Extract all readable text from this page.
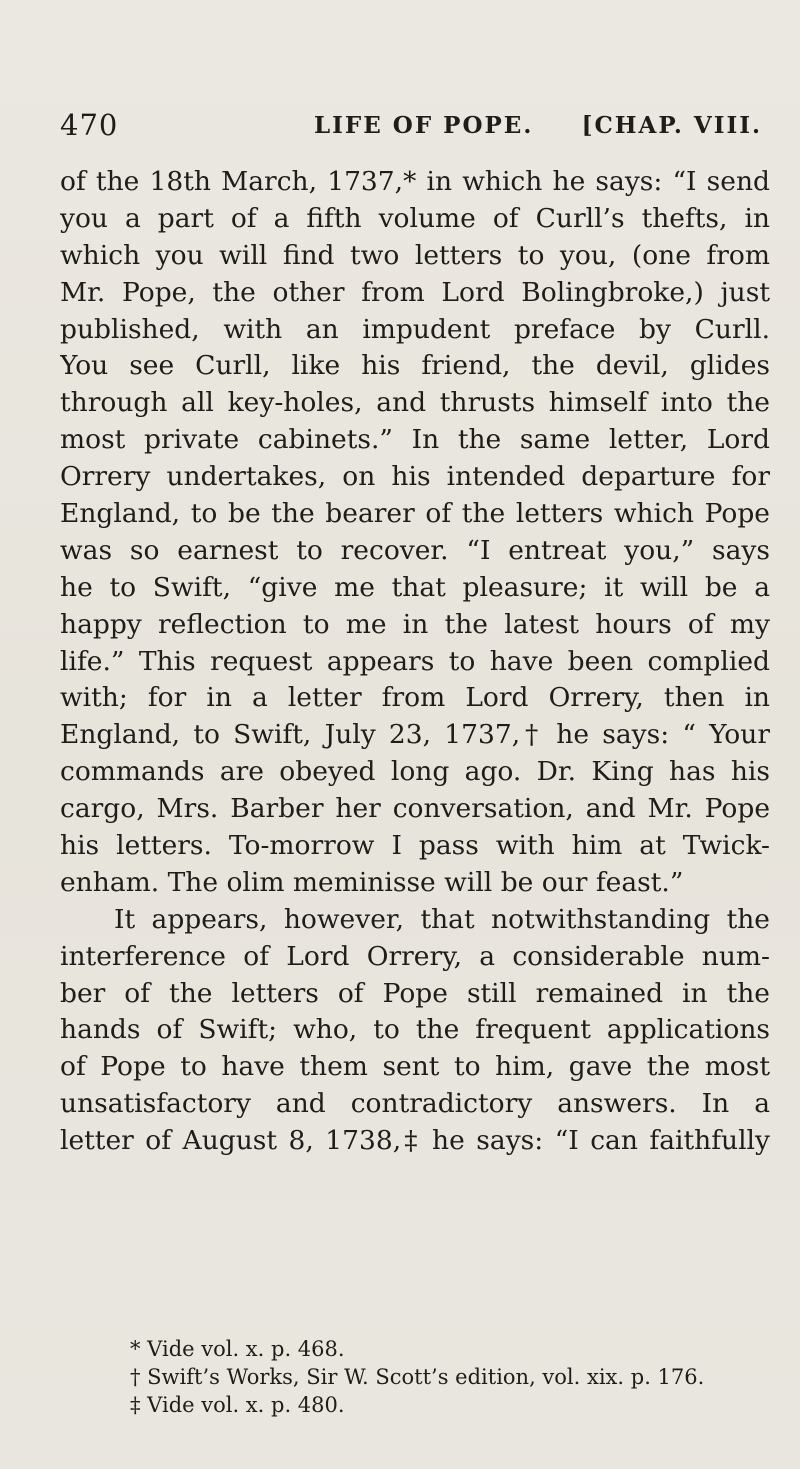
470	LIFE OF POPE. [CHAP. VIII.
of the 18th March, 1737,* in which he says: “I send
you a part of a fifth volume of Curll’s thefts, in
which you will find two letters to you, (one from
Mr. Pope, the other from Lord Bolingbroke,) just
published, with an impudent preface by Curll.
You see Curll, like his friend, the devil, glides
through all key-holes, and thrusts himself into the
most private cabinets.” In the same letter, Lord
Orrery undertakes, on his intended departure for
England, to be the bearer of the letters which Pope
was so earnest to recover. “I entreat you,” says
he to Swift, “give me that pleasure; it will be a
happy reflection to me in the latest hours of my
life.” This request appears to have been complied
with; for in a letter from Lord Orrery, then in
England, to Swift, July 23, 1737,† he says: “ Your
commands are obeyed long ago. Dr. King has his
cargo, Mrs. Barber her conversation, and Mr. Pope
his letters. To-morrow I pass with him at Twick-
enham. The olim meminisse will be our feast.”
It appears, however, that notwithstanding the
interference of Lord Orrery, a considerable num-
ber of the letters of Pope still remained in the
hands of Swift; who, to the frequent applications
of Pope to have them sent to him, gave the most
unsatisfactory and contradictory answers. In a
letter of August 8, 1738,‡ he says: “I can faithfully
* Vide vol. x. p. 468.
† Swift’s Works, Sir W. Scott’s edition, vol. xix. p. 176.
‡ Vide vol. x. p. 480.
